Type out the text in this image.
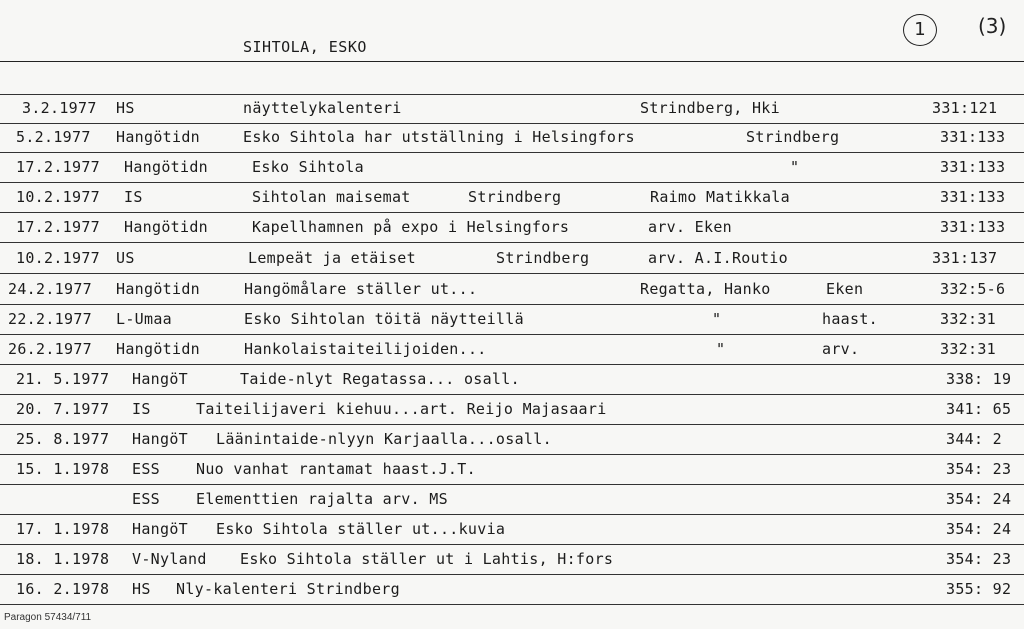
SIHTOLA, ESKO
1	(3)
3.2.1977 HS	näyttelykalenteri	Strindberg, Hki	331:121
5.2.1977 Hangötidn	Esko Sihtola har utställning i Helsingfors	Strindberg	331:133
17.2.1977 Hangötidn	Esko Sihtola	"	331:133
10.2.1977 IS	Sihtolan maisemat	Strindberg	Raimo Matikkala	331:133
17.2.1977 Hangötidn	Kapellhamnen på expo i Helsingfors	arv. Eken	331:133
10.2.1977 US	Lempeät ja etäiset	Strindberg	arv. A.I.Routio	331:137
24.2.1977 Hangötidn	Hangömålare ställer ut...	Regatta, Hanko	Eken	332:5-6
22.2.1977 L-Umaa	Esko Sihtolan töitä näytteillä	"	haast.	332:31
26.2.1977 Hangötidn	Hankolaistaiteilijoiden...	"	arv.	332:31
21. 5.1977 HangöT	Taide-nlyt Regatassa... osall.	338: 19
20. 7.1977 IS	Taiteilijaveri kiehuu...art. Reijo Majasaari	341: 65
25. 8.1977 HangöT Läänintaide-nlyyn Karjaalla...osall.	344: 2
15. 1.1978 ESS Nuo vanhat rantamat haast.J.T.	354: 23
ESS Elementtien rajalta arv. MS	354: 24
17. 1.1978 HangöT Esko Sihtola ställer ut...kuvia	354: 24
18. 1.1978 V-Nyland Esko Sihtola ställer ut i Lahtis, H:fors	354: 23
16. 2.1978 HS Nly-kalenteri Strindberg	355: 92
Paragon 57434/711
